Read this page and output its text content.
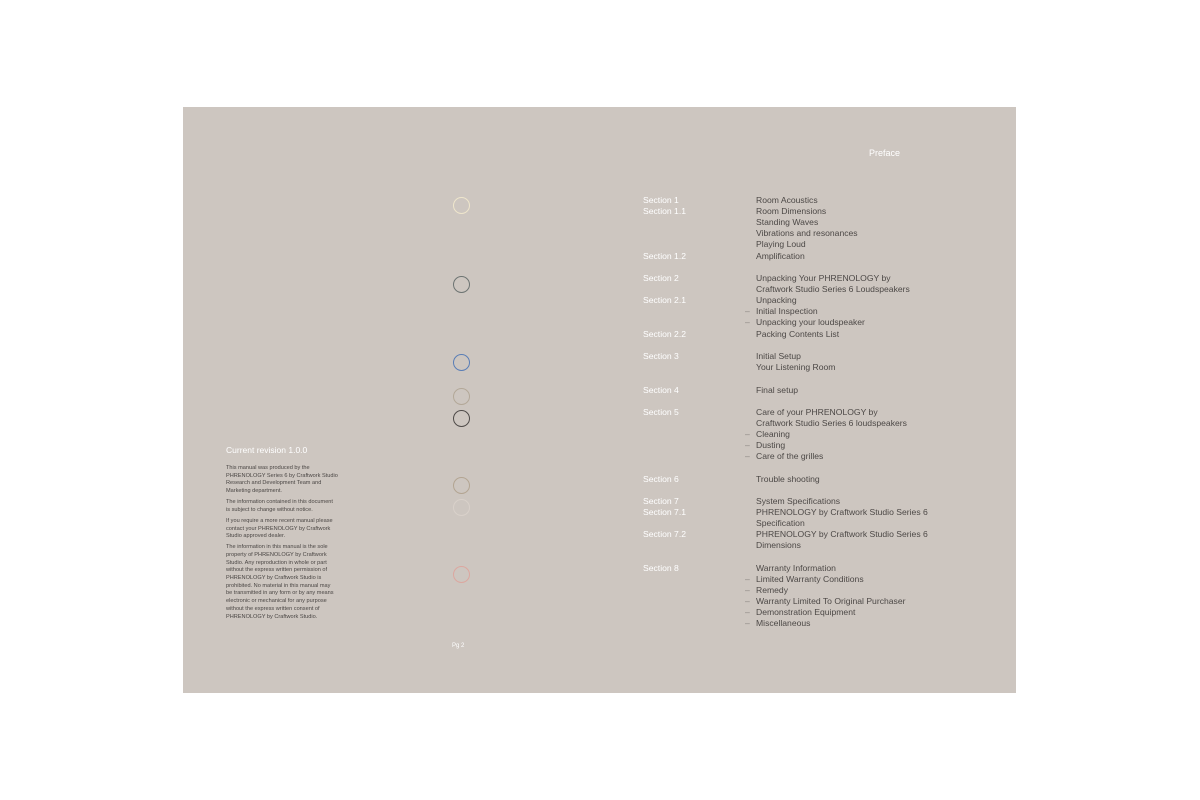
Preface
Current revision 1.0.0

This manual was produced by the PHRENOLOGY Series 6 by Craftwork Studio Research and Development Team and Marketing department.

The information contained in this document is subject to change without notice.

If you require a more recent manual please contact your PHRENOLOGY by Craftwork Studio approved dealer.

The information in this manual is the sole property of PHRENOLOGY by Craftwork Studio. Any reproduction in whole or part without the express written permission of PHRENOLOGY by Craftwork Studio is prohibited. No material in this manual may be transmitted in any form or by any means electronic or mechanical for any purpose without the express written consent of PHRENOLOGY by Craftwork Studio.

Pg 2
Section 1
Section 1.1
Section 1.2
Section 2
Section 2.1
Section 2.2
Section 3
Section 4
Section 5
Section 6
Section 7
Section 7.1
Section 7.2
Section 8
Room Acoustics
Room Dimensions
Standing Waves
Vibrations and resonances
Playing Loud
Amplification
Unpacking Your PHRENOLOGY by
Craftwork Studio Series 6 Loudspeakers
Unpacking
– Initial Inspection
– Unpacking your loudspeaker
Packing Contents List
Initial Setup
Your Listening Room
Final setup
Care of your PHRENOLOGY by
Craftwork Studio Series 6 loudspeakers
– Cleaning
– Dusting
– Care of the grilles
Trouble shooting
System Specifications
PHRENOLOGY by Craftwork Studio Series 6
Specification
PHRENOLOGY by Craftwork Studio Series 6
Dimensions
Warranty Information
– Limited Warranty Conditions
– Remedy
– Warranty Limited To Original Purchaser
– Demonstration Equipment
– Miscellaneous
